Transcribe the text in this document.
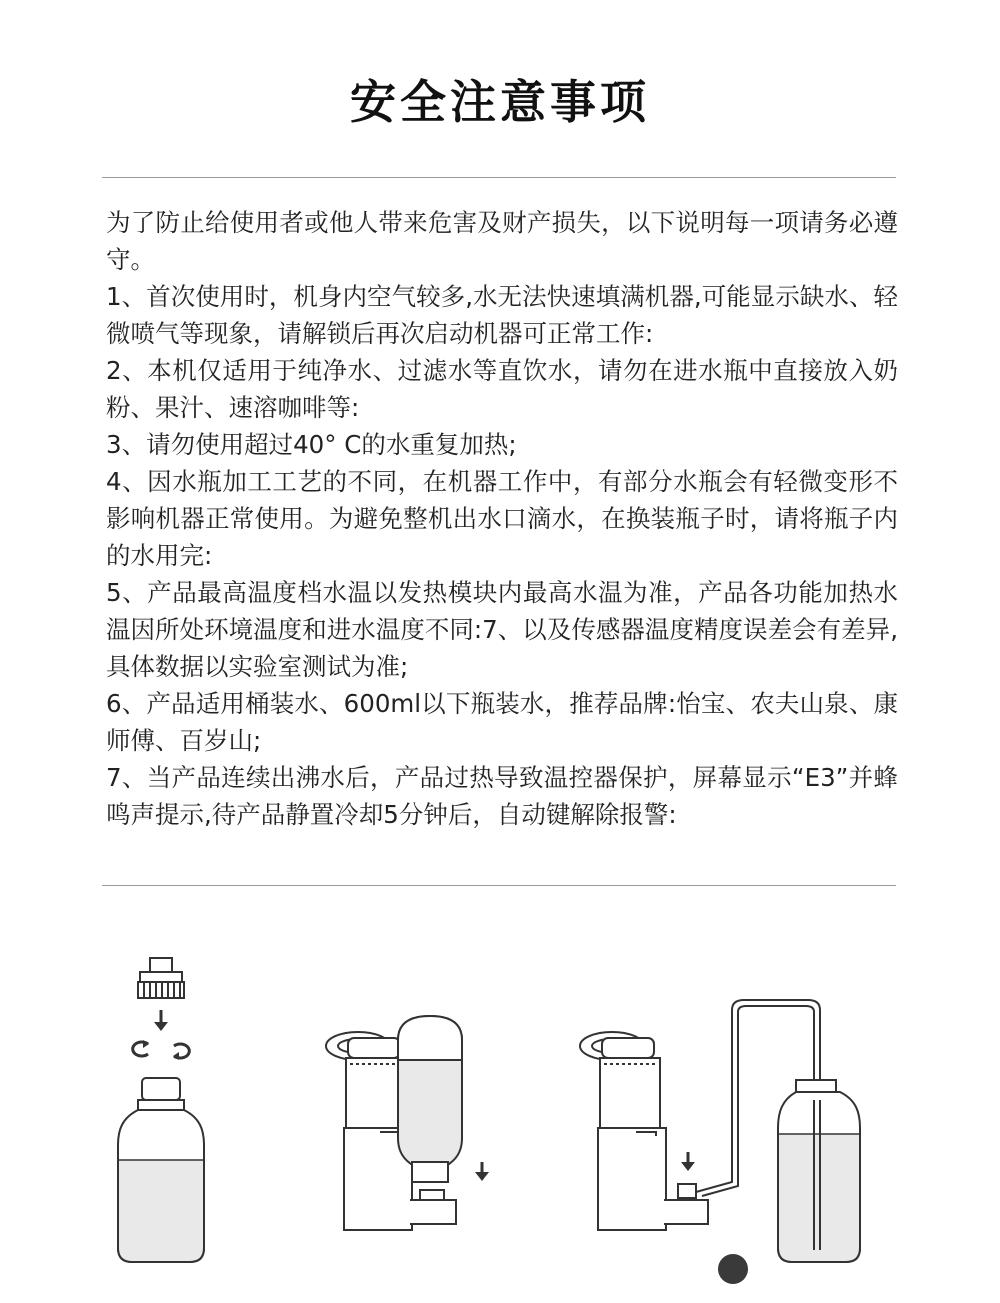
安全注意事项

为了防止给使用者或他人带来危害及财产损失，以下说明每一项请务必遵守。

1、首次使用时，机身内空气较多,水无法快速填满机器,可能显示缺水、轻微喷气等现象，请解锁后再次启动机器可正常工作:

2、本机仅适用于纯净水、过滤水等直饮水，请勿在进水瓶中直接放入奶粉、果汁、速溶咖啡等:

3、请勿使用超过40° C的水重复加热;

4、因水瓶加工工艺的不同，在机器工作中，有部分水瓶会有轻微变形不影响机器正常使用。为避免整机出水口滴水，在换装瓶子时，请将瓶子内的水用完:

5、产品最高温度档水温以发热模块内最高水温为准，产品各功能加热水温因所处环境温度和进水温度不同:7、以及传感器温度精度误差会有差异,具体数据以实验室测试为准;

6、产品适用桶装水、600ml以下瓶装水，推荐品牌:怡宝、农夫山泉、康师傅、百岁山;

7、当产品连续出沸水后，产品过热导致温控器保护，屏幕显示“E3”并蜂鸣声提示,待产品静置冷却5分钟后，自动键解除报警:
